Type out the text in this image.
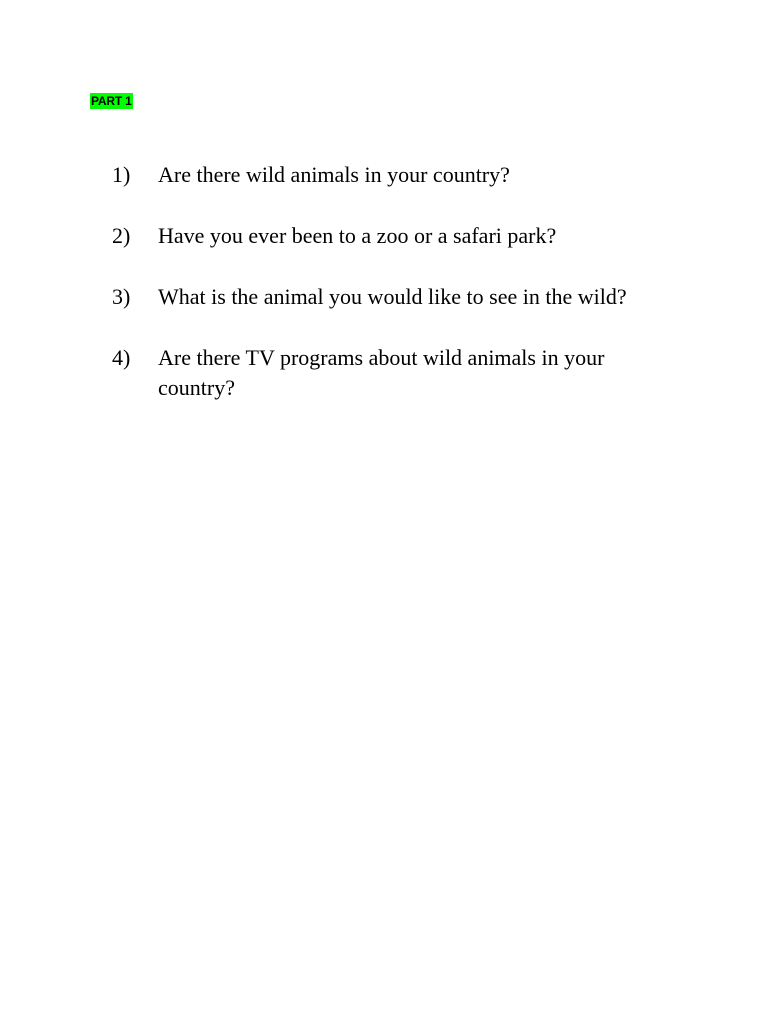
PART 1
1)	Are there wild animals in your country?
2)	Have you ever been to a zoo or a safari park?
3)	What is the animal you would like to see in the wild?
4)	Are there TV programs about wild animals in your country?
